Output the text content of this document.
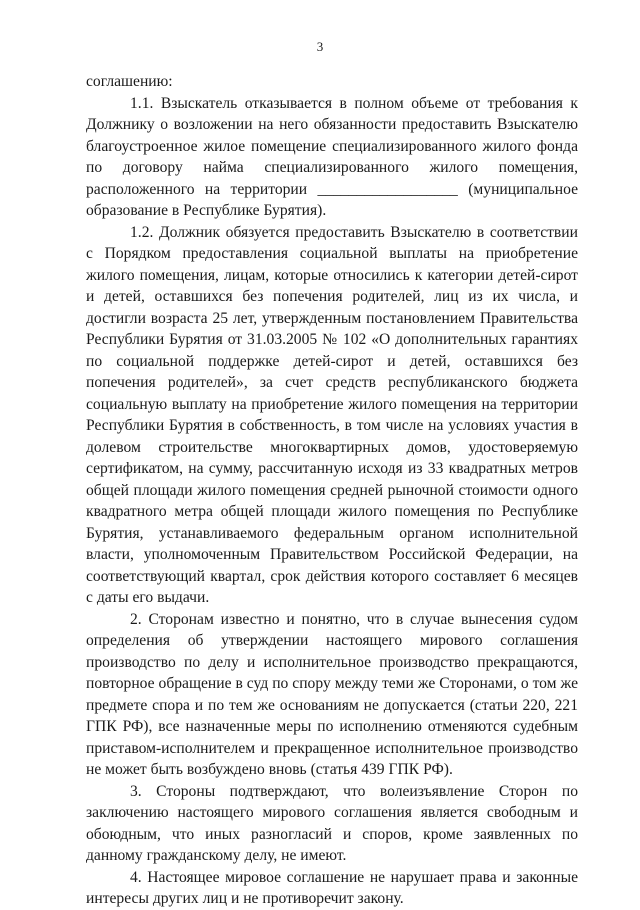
3

соглашению:

1.1. Взыскатель отказывается в полном объеме от требования к Должнику о возложении на него обязанности предоставить Взыскателю благоустроенное жилое помещение специализированного жилого фонда по договору найма специализированного жилого помещения, расположенного на территории __________________ (муниципальное образование в Республике Бурятия).

1.2. Должник обязуется предоставить Взыскателю в соответствии с Порядком предоставления социальной выплаты на приобретение жилого помещения, лицам, которые относились к категории детей-сирот и детей, оставшихся без попечения родителей, лиц из их числа, и достигли возраста 25 лет, утвержденным постановлением Правительства Республики Бурятия от 31.03.2005 № 102 «О дополнительных гарантиях по социальной поддержке детей-сирот и детей, оставшихся без попечения родителей», за счет средств республиканского бюджета социальную выплату на приобретение жилого помещения на территории Республики Бурятия в собственность, в том числе на условиях участия в долевом строительстве многоквартирных домов, удостоверяемую сертификатом, на сумму, рассчитанную исходя из 33 квадратных метров общей площади жилого помещения средней рыночной стоимости одного квадратного метра общей площади жилого помещения по Республике Бурятия, устанавливаемого федеральным органом исполнительной власти, уполномоченным Правительством Российской Федерации, на соответствующий квартал, срок действия которого составляет 6 месяцев с даты его выдачи.

2. Сторонам известно и понятно, что в случае вынесения судом определения об утверждении настоящего мирового соглашения производство по делу и исполнительное производство прекращаются, повторное обращение в суд по спору между теми же Сторонами, о том же предмете спора и по тем же основаниям не допускается (статьи 220, 221 ГПК РФ), все назначенные меры по исполнению отменяются судебным приставом-исполнителем и прекращенное исполнительное производство не может быть возбуждено вновь (статья 439 ГПК РФ).

3. Стороны подтверждают, что волеизъявление Сторон по заключению настоящего мирового соглашения является свободным и обоюдным, что иных разногласий и споров, кроме заявленных по данному гражданскому делу, не имеют.

4. Настоящее мировое соглашение не нарушает права и законные интересы других лиц и не противоречит закону.
